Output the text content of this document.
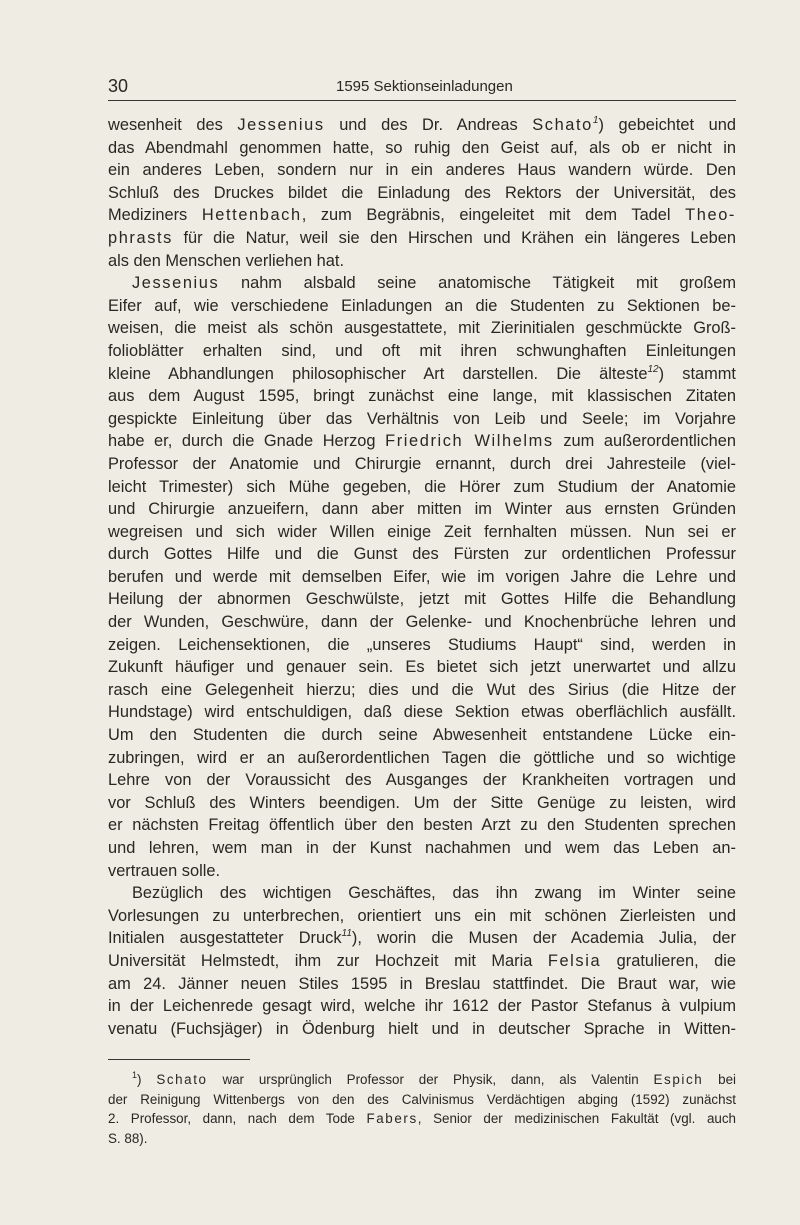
30	1595 Sektionseinladungen

wesenheit des Jessenius und des Dr. Andreas Schato$^1$) gebeichtet und

das Abendmahl genommen hatte, so ruhig den Geist auf, als ob er nicht in

ein anderes Leben, sondern nur in ein anderes Haus wandern würde. Den

Schluß des Druckes bildet die Einladung des Rektors der Universität, des

Mediziners Hettenbach, zum Begräbnis, eingeleitet mit dem Tadel Theo-

phrasts für die Natur, weil sie den Hirschen und Krähen ein längeres Leben

als den Menschen verliehen hat.

Jessenius nahm alsbald seine anatomische Tätigkeit mit großem

Eifer auf, wie verschiedene Einladungen an die Studenten zu Sektionen be-

weisen, die meist als schön ausgestattete, mit Zierinitialen geschmückte Groß-

folioblätter erhalten sind, und oft mit ihren schwunghaften Einleitungen

kleine Abhandlungen philosophischer Art darstellen. Die älteste$^{12}$) stammt

aus dem August 1595, bringt zunächst eine lange, mit klassischen Zitaten

gespickte Einleitung über das Verhältnis von Leib und Seele; im Vorjahre

habe er, durch die Gnade Herzog Friedrich Wilhelms zum außerordentlichen

Professor der Anatomie und Chirurgie ernannt, durch drei Jahresteile (viel-

leicht Trimester) sich Mühe gegeben, die Hörer zum Studium der Anatomie

und Chirurgie anzueifern, dann aber mitten im Winter aus ernsten Gründen

wegreisen und sich wider Willen einige Zeit fernhalten müssen. Nun sei er

durch Gottes Hilfe und die Gunst des Fürsten zur ordentlichen Professur

berufen und werde mit demselben Eifer, wie im vorigen Jahre die Lehre und

Heilung der abnormen Geschwülste, jetzt mit Gottes Hilfe die Behandlung

der Wunden, Geschwüre, dann der Gelenke- und Knochenbrüche lehren und

zeigen. Leichensektionen, die „unseres Studiums Haupt“ sind, werden in

Zukunft häufiger und genauer sein. Es bietet sich jetzt unerwartet und allzu

rasch eine Gelegenheit hierzu; dies und die Wut des Sirius (die Hitze der

Hundstage) wird entschuldigen, daß diese Sektion etwas oberflächlich ausfällt.

Um den Studenten die durch seine Abwesenheit entstandene Lücke ein-

zubringen, wird er an außerordentlichen Tagen die göttliche und so wichtige

Lehre von der Voraussicht des Ausganges der Krankheiten vortragen und

vor Schluß des Winters beendigen. Um der Sitte Genüge zu leisten, wird

er nächsten Freitag öffentlich über den besten Arzt zu den Studenten sprechen

und lehren, wem man in der Kunst nachahmen und wem das Leben an-

vertrauen solle.

Bezüglich des wichtigen Geschäftes, das ihn zwang im Winter seine

Vorlesungen zu unterbrechen, orientiert uns ein mit schönen Zierleisten und

Initialen ausgestatteter Druck$^{11}$), worin die Musen der Academia Julia, der

Universität Helmstedt, ihm zur Hochzeit mit Maria Felsia gratulieren, die

am 24. Jänner neuen Stiles 1595 in Breslau stattfindet. Die Braut war, wie

in der Leichenrede gesagt wird, welche ihr 1612 der Pastor Stefanus à vulpium

venatu (Fuchsjäger) in Ödenburg hielt und in deutscher Sprache in Witten-

$^1$) Schato war ursprünglich Professor der Physik, dann, als Valentin Espich bei

der Reinigung Wittenbergs von den des Calvinismus Verdächtigen abging (1592) zunächst

2. Professor, dann, nach dem Tode Fabers, Senior der medizinischen Fakultät (vgl. auch

S. 88).
